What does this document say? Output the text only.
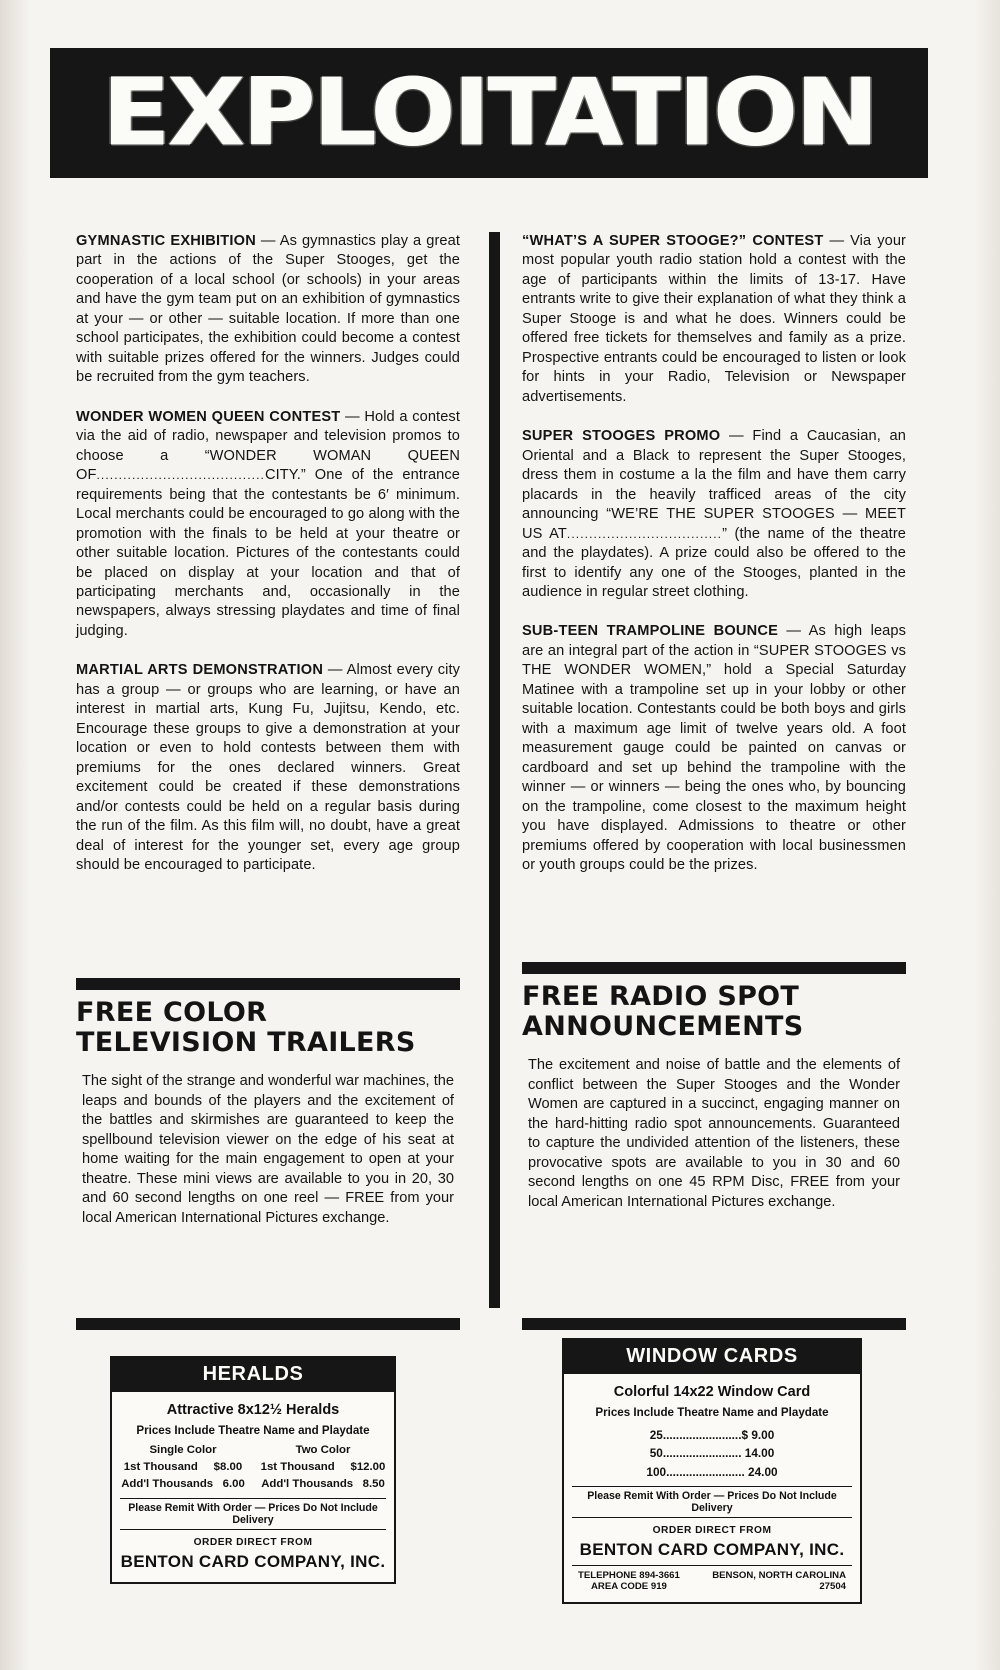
EXPLOITATION

GYMNASTIC EXHIBITION — As gymnastics play a great part in the actions of the Super Stooges, get the cooperation of a local school (or schools) in your areas and have the gym team put on an exhibition of gymnastics at your — or other — suitable location. If more than one school participates, the exhibition could become a contest with suitable prizes offered for the winners. Judges could be recruited from the gym teachers.

WONDER WOMEN QUEEN CONTEST — Hold a contest via the aid of radio, newspaper and television promos to choose a “WONDER WOMAN QUEEN OF......................................CITY.” One of the entrance requirements being that the contestants be 6′ minimum. Local merchants could be encouraged to go along with the promotion with the finals to be held at your theatre or other suitable location. Pictures of the contestants could be placed on display at your location and that of participating merchants and, occasionally in the newspapers, always stressing playdates and time of final judging.

MARTIAL ARTS DEMONSTRATION — Almost every city has a group — or groups who are learning, or have an interest in martial arts, Kung Fu, Jujitsu, Kendo, etc. Encourage these groups to give a demonstration at your location or even to hold contests between them with premiums for the ones declared winners. Great excitement could be created if these demonstrations and/or contests could be held on a regular basis during the run of the film. As this film will, no doubt, have a great deal of interest for the younger set, every age group should be encouraged to participate.

“WHAT’S A SUPER STOOGE?” CONTEST — Via your most popular youth radio station hold a contest with the age of participants within the limits of 13-17. Have entrants write to give their explanation of what they think a Super Stooge is and what he does. Winners could be offered free tickets for themselves and family as a prize. Prospective entrants could be encouraged to listen or look for hints in your Radio, Television or Newspaper advertisements.

SUPER STOOGES PROMO — Find a Caucasian, an Oriental and a Black to represent the Super Stooges, dress them in costume a la the film and have them carry placards in the heavily trafficed areas of the city announcing “WE’RE THE SUPER STOOGES — MEET US AT...................................” (the name of the theatre and the playdates). A prize could also be offered to the first to identify any one of the Stooges, planted in the audience in regular street clothing.

SUB-TEEN TRAMPOLINE BOUNCE — As high leaps are an integral part of the action in “SUPER STOOGES vs THE WONDER WOMEN,” hold a Special Saturday Matinee with a trampoline set up in your lobby or other suitable location. Contestants could be both boys and girls with a maximum age limit of twelve years old. A foot measurement gauge could be painted on canvas or cardboard and set up behind the trampoline with the winner — or winners — being the ones who, by bouncing on the trampoline, come closest to the maximum height you have displayed. Admissions to theatre or other premiums offered by cooperation with local businessmen or youth groups could be the prizes.

FREE COLOR
TELEVISION TRAILERS

The sight of the strange and wonderful war machines, the leaps and bounds of the players and the excitement of the battles and skirmishes are guaranteed to keep the spellbound television viewer on the edge of his seat at home waiting for the main engagement to open at your theatre. These mini views are available to you in 20, 30 and 60 second lengths on one reel — FREE from your local American International Pictures exchange.

FREE RADIO SPOT
ANNOUNCEMENTS

The excitement and noise of battle and the elements of conflict between the Super Stooges and the Wonder Women are captured in a succinct, engaging manner on the hard-hitting radio spot announcements. Guaranteed to capture the undivided attention of the listeners, these provocative spots are available to you in 30 and 60 second lengths on one 45 RPM Disc, FREE from your local American International Pictures exchange.

HERALDS
Attractive 8x12½ Heralds
Prices Include Theatre Name and Playdate
Single Color	Two Color
1st Thousand $8.00	1st Thousand $12.00
Add'l Thousands 6.00 Add'l Thousands 8.50
Please Remit With Order — Prices Do Not Include Delivery
ORDER DIRECT FROM
BENTON CARD COMPANY, INC.
WINDOW CARDS
Colorful 14x22 Window Card
Prices Include Theatre Name and Playdate
25........................$ 9.00
50........................ 14.00
100........................ 24.00
Please Remit With Order — Prices Do Not Include Delivery
ORDER DIRECT FROM
BENTON CARD COMPANY, INC.
TELEPHONE 894-3661
AREA CODE 919
BENSON, NORTH CAROLINA
27504
